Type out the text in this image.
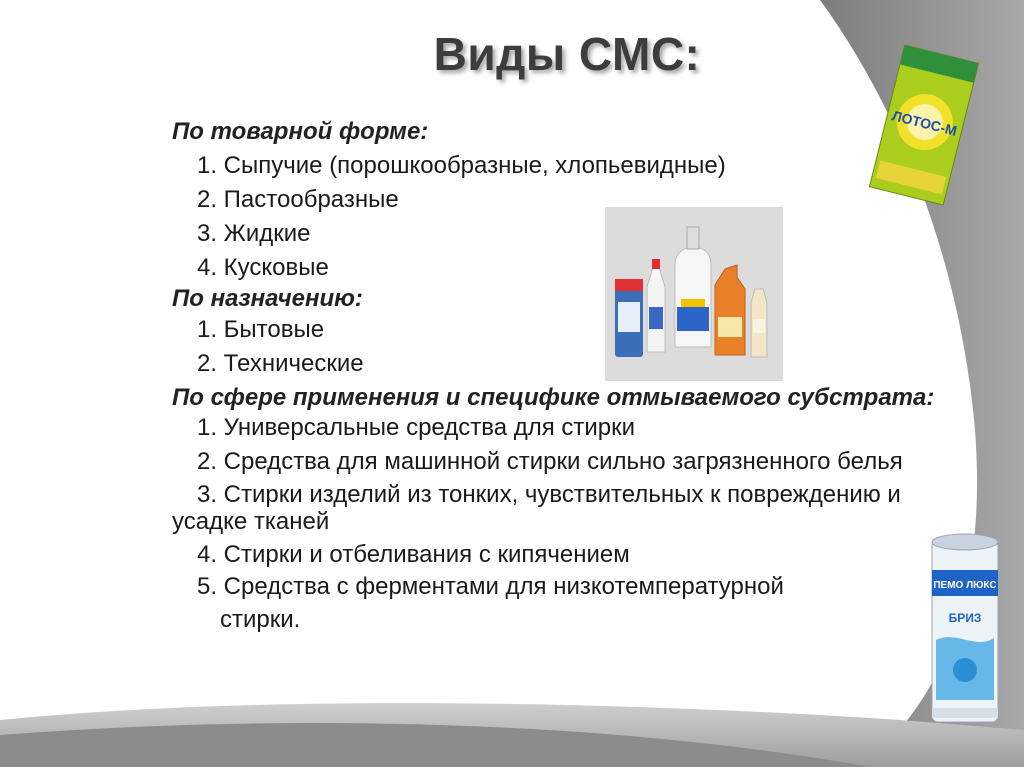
Виды СМС:
По товарной форме:
1. Сыпучие (порошкообразные, хлопьевидные)
2. Пастообразные
3. Жидкие
4. Кусковые
По назначению:
1. Бытовые
2. Технические
По сфере применения и специфике отмываемого субстрата:
1. Универсальные средства для стирки
2. Средства для машинной стирки сильно загрязненного белья
3. Стирки изделий из тонких, чувствительных к повреждению и усадке тканей
4. Стирки и отбеливания с кипячением
5. Средства с ферментами для низкотемпературной
стирки.
ЛОТОС-М
ПЕМО ЛЮКС
БРИЗ
